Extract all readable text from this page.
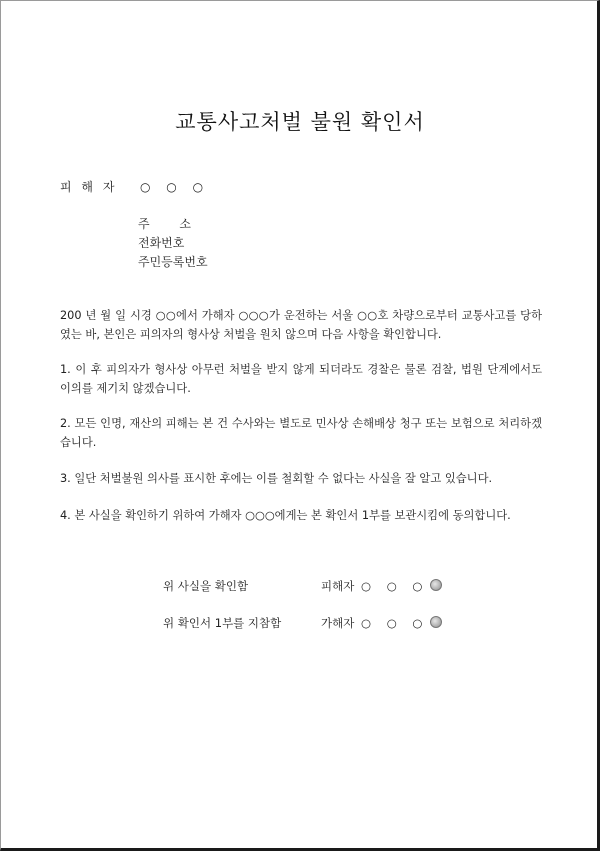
교통사고처벌 불원 확인서
피 해 자 ○ ○ ○
주 소
전화번호
주민등록번호
200 년 월 일 시경 ○○에서 가해자 ○○○가 운전하는 서울 ○○호 차량으로부터 교통사고를 당하였는 바, 본인은 피의자의 형사상 처벌을 원치 않으며 다음 사항을 확인합니다.
1. 이 후 피의자가 형사상 아무런 처벌을 받지 않게 되더라도 경찰은 물론 검찰, 법원 단계에서도 이의를 제기치 않겠습니다.
2. 모든 인명, 재산의 피해는 본 건 수사와는 별도로 민사상 손해배상 청구 또는 보험으로 처리하겠습니다.
3. 일단 처벌불원 의사를 표시한 후에는 이를 철회할 수 없다는 사실을 잘 알고 있습니다.
4. 본 사실을 확인하기 위하여 가해자 ○○○에게는 본 확인서 1부를 보관시킴에 동의합니다.
위 사실을 확인함	피해자 ○ ○ ○
위 확인서 1부를 지참함	가해자 ○ ○ ○
